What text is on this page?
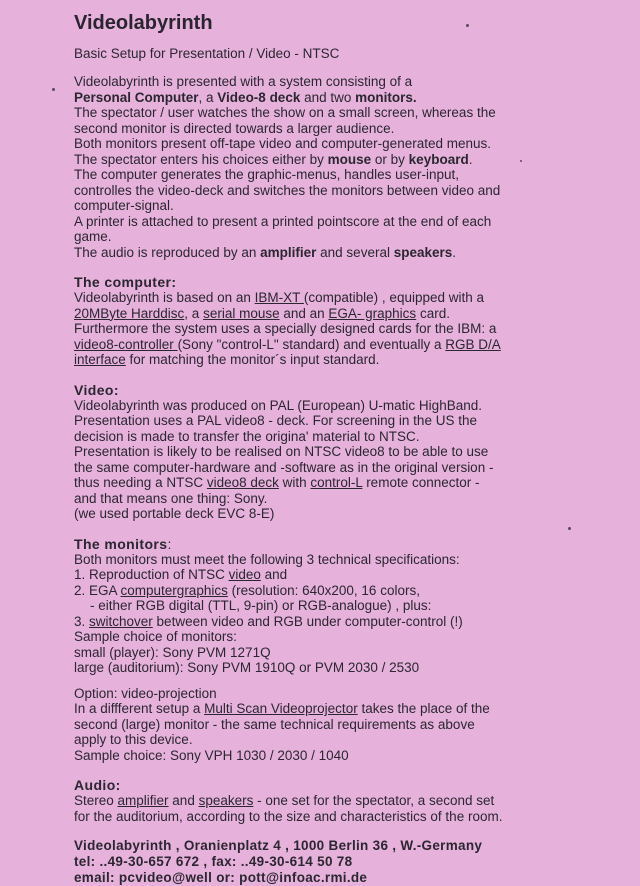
Videolabyrinth
Basic Setup for Presentation / Video - NTSC

Videolabyrinth is presented with a system consisting of a

Personal Computer, a Video-8 deck and two monitors.

The spectator / user watches the show on a small screen, whereas the

second monitor is directed towards a larger audience.

Both monitors present off-tape video and computer-generated menus.

The spectator enters his choices either by mouse or by keyboard.

The computer generates the graphic-menus, handles user-input,

controlles the video-deck and switches the monitors between video and

computer-signal.

A printer is attached to present a printed pointscore at the end of each

game.

The audio is reproduced by an amplifier and several speakers.

The computer:

Videolabyrinth is based on an IBM-XT (compatible) , equipped with a

20MByte Harddisc, a serial mouse and an EGA- graphics card.

Furthermore the system uses a specially designed cards for the IBM: a

video8-controller (Sony "control-L" standard) and eventually a RGB D/A

interface for matching the monitor´s input standard.

Video:

Videolabyrinth was produced on PAL (European) U-matic HighBand.

Presentation uses a PAL video8 - deck. For screening in the US the

decision is made to transfer the origina' material to NTSC.

Presentation is likely to be realised on NTSC video8 to be able to use

the same computer-hardware and -software as in the original version -

thus needing a NTSC video8 deck with control-L remote connector -

and that means one thing: Sony.

(we used portable deck EVC 8-E)

The monitors:

Both monitors must meet the following 3 technical specifications:

1. Reproduction of NTSC video and

2. EGA computergraphics (resolution: 640x200, 16 colors,

- either RGB digital (TTL, 9-pin) or RGB-analogue) , plus:

3. switchover between video and RGB under computer-control (!)

Sample choice of monitors:

small (player): Sony PVM 1271Q

large (auditorium): Sony PVM 1910Q or PVM 2030 / 2530

Option: video-projection

In a diffferent setup a Multi Scan Videoprojector takes the place of the

second (large) monitor - the same technical requirements as above

apply to this device.

Sample choice: Sony VPH 1030 / 2030 / 1040

Audio:

Stereo amplifier and speakers - one set for the spectator, a second set

for the auditorium, according to the size and characteristics of the room.

Videolabyrinth , Oranienplatz 4 , 1000 Berlin 36 , W.-Germany
tel: ..49-30-657 672 , fax: ..49-30-614 50 78
email: pcvideo@well or: pott@infoac.rmi.de
